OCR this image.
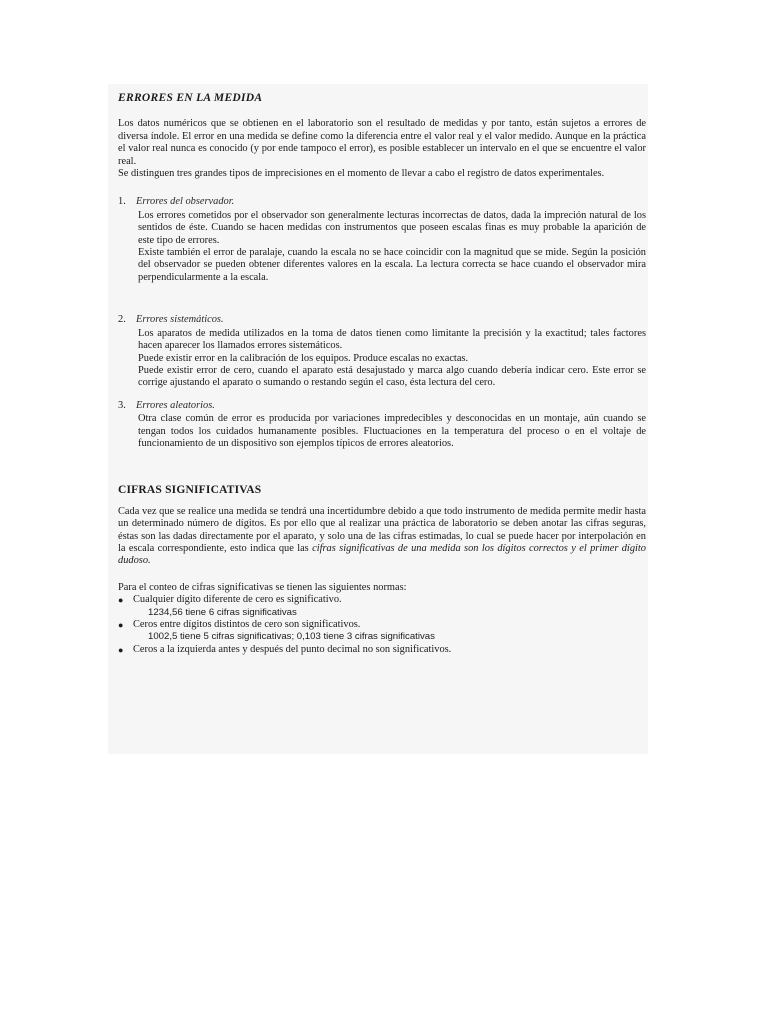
ERRORES EN LA MEDIDA

Los datos numéricos que se obtienen en el laboratorio son el resultado de medidas y por tanto, están sujetos a errores de diversa índole. El error en una medida se define como la diferencia entre el valor real y el valor medido. Aunque en la práctica el valor real nunca es conocido (y por ende tampoco el error), es posible establecer un intervalo en el que se encuentre el valor real.

Se distinguen tres grandes tipos de imprecisiones en el momento de llevar a cabo el registro de datos experimentales.

1. Errores del observador.

Los errores cometidos por el observador son generalmente lecturas incorrectas de datos, dada la impreción natural de los sentidos de éste. Cuando se hacen medidas con instrumentos que poseen escalas finas es muy probable la aparición de este tipo de errores.

Existe también el error de paralaje, cuando la escala no se hace coincidir con la magnitud que se mide. Según la posición del observador se pueden obtener diferentes valores en la escala. La lectura correcta se hace cuando el observador mira perpendicularmente a la escala.

2. Errores sistemáticos.

Los aparatos de medida utilizados en la toma de datos tienen como limitante la precisión y la exactitud; tales factores hacen aparecer los llamados errores sistemáticos.

Puede existir error en la calibración de los equipos. Produce escalas no exactas.

Puede existir error de cero, cuando el aparato está desajustado y marca algo cuando debería indicar cero. Este error se corrige ajustando el aparato o sumando o restando según el caso, ésta lectura del cero.

3. Errores aleatorios.

Otra clase común de error es producida por variaciones impredecibles y desconocidas en un montaje, aún cuando se tengan todos los cuidados humanamente posibles. Fluctuaciones en la temperatura del proceso o en el voltaje de funcionamiento de un dispositivo son ejemplos típicos de errores aleatorios.

CIFRAS SIGNIFICATIVAS

Cada vez que se realice una medida se tendrá una incertidumbre debido a que todo instrumento de medida permite medir hasta un determinado número de dígitos. Es por ello que al realizar una práctica de laboratorio se deben anotar las cifras seguras, éstas son las dadas directamente por el aparato, y solo una de las cifras estimadas, lo cual se puede hacer por interpolación en la escala correspondiente, esto indica que las cifras significativas de una medida son los dígitos correctos y el primer dígito dudoso.

Para el conteo de cifras significativas se tienen las siguientes normas:

● Cualquier dígito diferente de cero es significativo.

1234,56 tiene 6 cifras significativas

● Ceros entre dígitos distintos de cero son significativos.

1002,5 tiene 5 cifras significativas; 0,103 tiene 3 cifras significativas

● Ceros a la izquierda antes y después del punto decimal no son significativos.
